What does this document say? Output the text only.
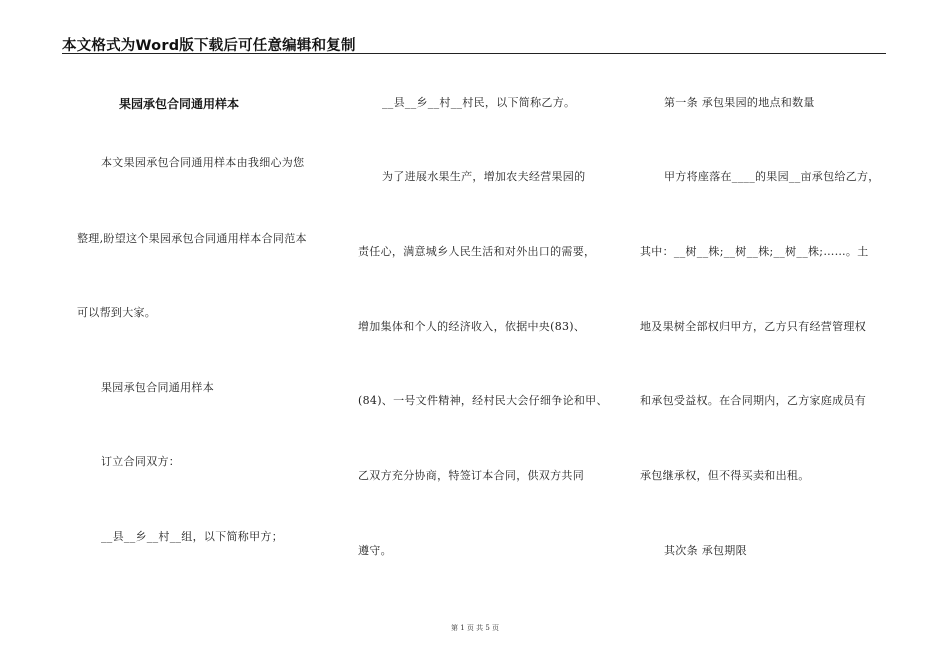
本文格式为Word版下载后可任意编辑和复制
果园承包合同通用样本
本文果园承包合同通用样本由我细心为您
整理,盼望这个果园承包合同通用样本合同范本
可以帮到大家。
果园承包合同通用样本
订立合同双方：
__县__乡__村__组，以下简称甲方；
__县__乡__村__村民，以下简称乙方。
为了进展水果生产，增加农夫经营果园的
责任心，满意城乡人民生活和对外出口的需要，
增加集体和个人的经济收入，依据中央(83)、
(84)、一号文件精神，经村民大会仔细争论和甲、
乙双方充分协商，特签订本合同，供双方共同
遵守。
第一条 承包果园的地点和数量
甲方将座落在____的果园__亩承包给乙方，
其中：__树__株;__树__株;__树__株;……。土
地及果树全部权归甲方，乙方只有经营管理权
和承包受益权。在合同期内，乙方家庭成员有
承包继承权，但不得买卖和出租。
其次条 承包期限
第 1 页 共 5 页
